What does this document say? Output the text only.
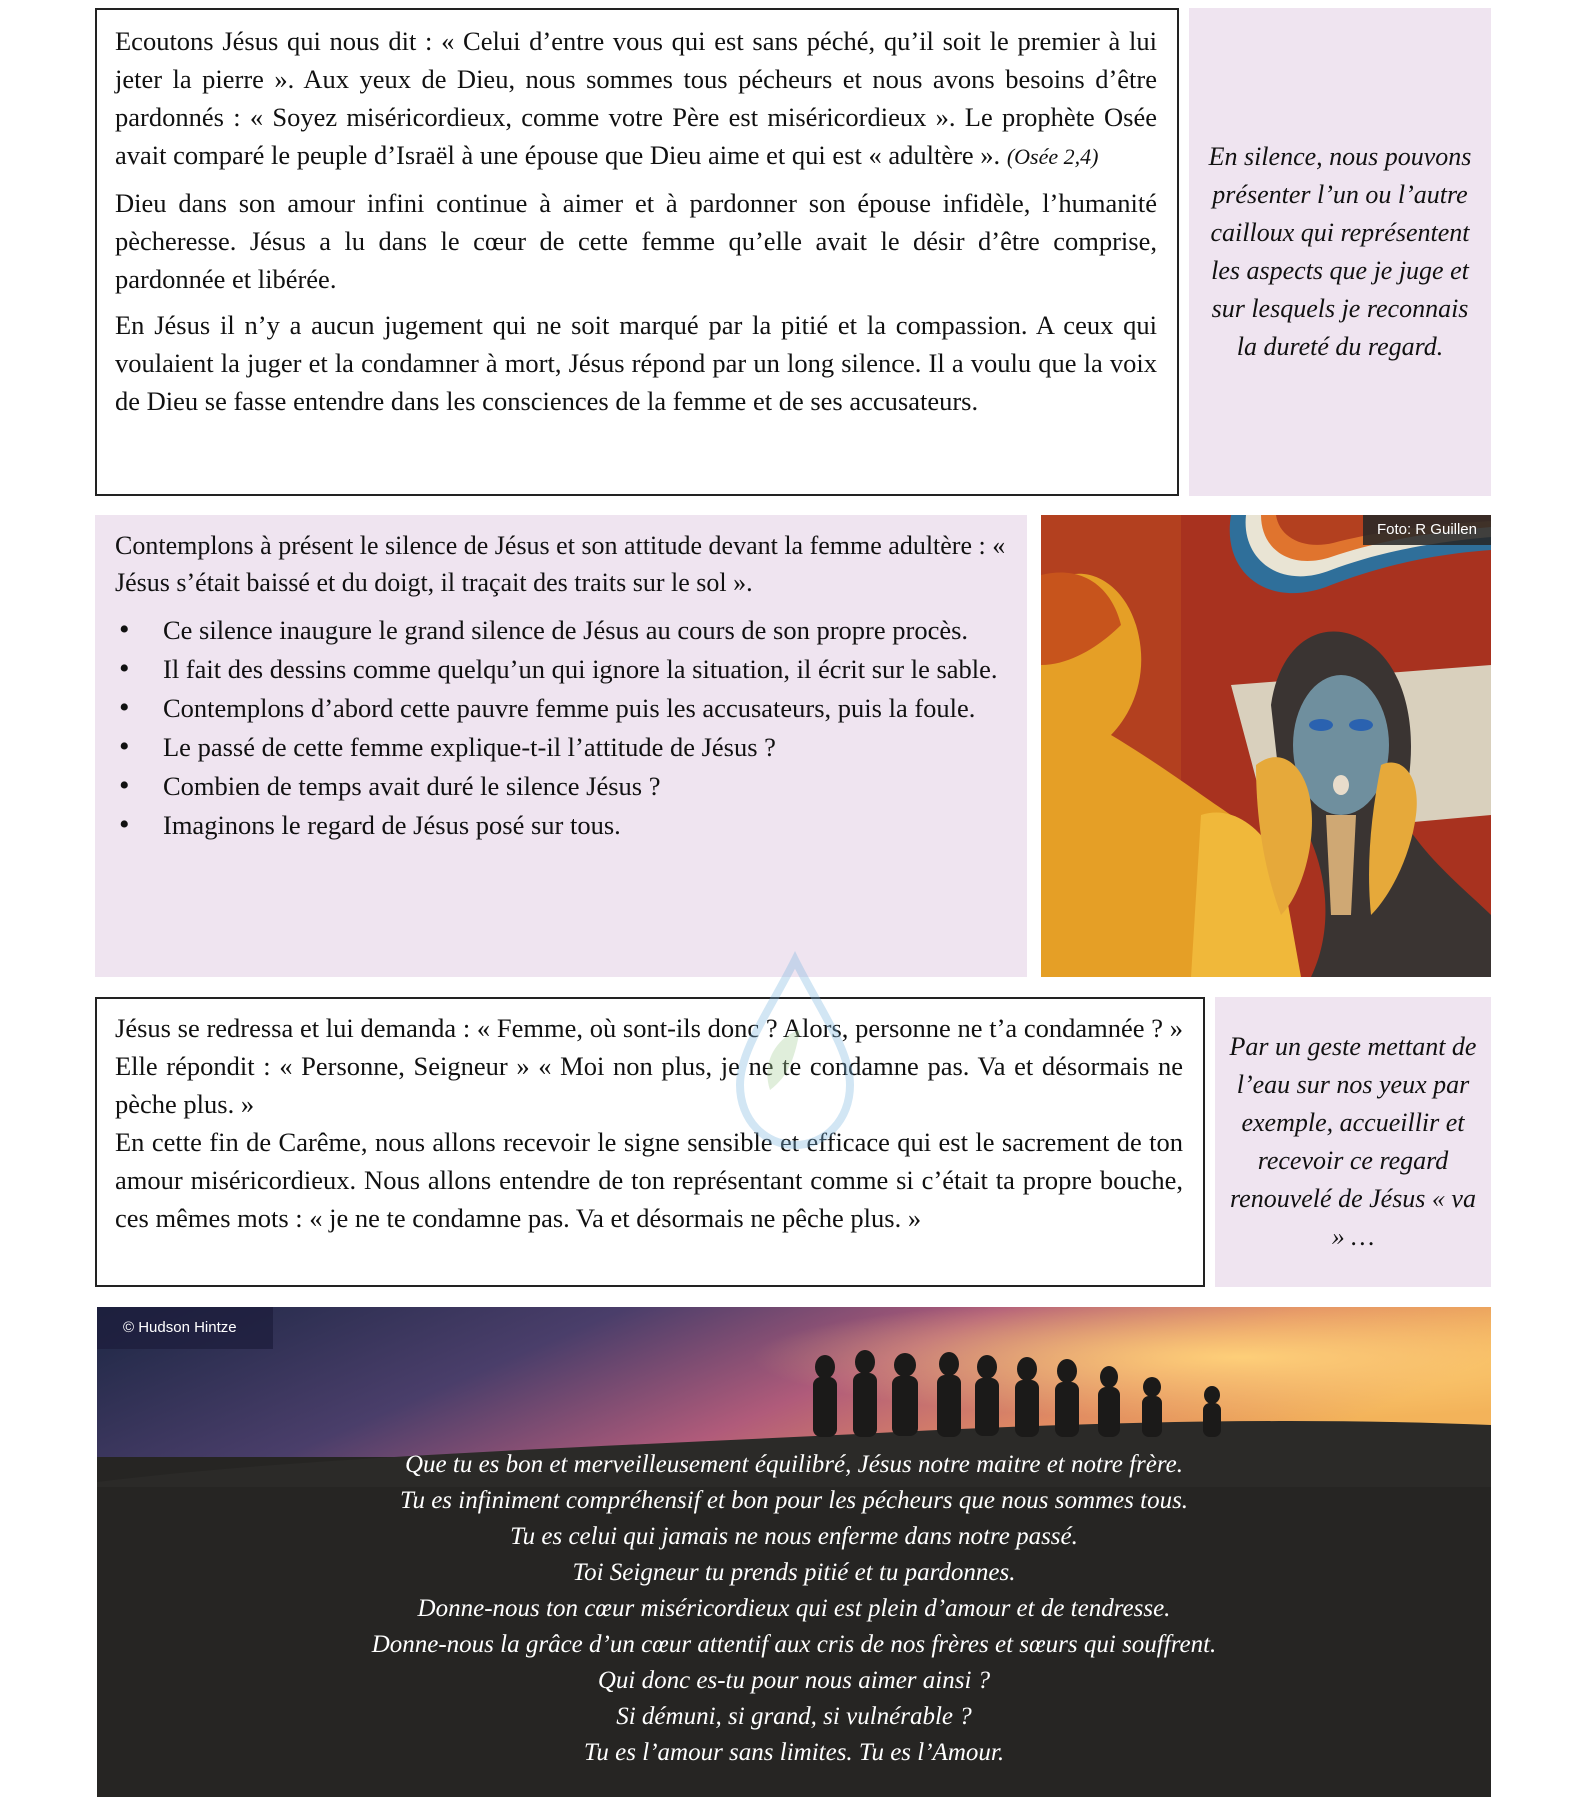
Ecoutons Jésus qui nous dit : « Celui d’entre vous qui est sans péché, qu’il soit le premier à lui jeter la pierre ». Aux yeux de Dieu, nous sommes tous pécheurs et nous avons besoins d’être pardonnés : « Soyez miséricordieux, comme votre Père est miséricordieux ». Le prophète Osée avait comparé le peuple d’Israël à une épouse que Dieu aime et qui est « adultère ». (Osée 2,4)

Dieu dans son amour infini continue à aimer et à pardonner son épouse infidèle, l’humanité pècheresse. Jésus a lu dans le cœur de cette femme qu’elle avait le désir d’être comprise, pardonnée et libérée.

En Jésus il n’y a aucun jugement qui ne soit marqué par la pitié et la compassion. A ceux qui voulaient la juger et la condamner à mort, Jésus répond par un long silence. Il a voulu que la voix de Dieu se fasse entendre dans les consciences de la femme et de ses accusateurs.

En silence, nous pouvons présenter l’un ou l’autre cailloux qui représentent les aspects que je juge et sur lesquels je reconnais la dureté du regard.

Contemplons à présent le silence de Jésus et son attitude devant la femme adultère : « Jésus s’était baissé et du doigt, il traçait des traits sur le sol ».

• Ce silence inaugure le grand silence de Jésus au cours de son propre procès.
• Il fait des dessins comme quelqu’un qui ignore la situation, il écrit sur le sable.
• Contemplons d’abord cette pauvre femme puis les accusateurs, puis la foule.
• Le passé de cette femme explique-t-il l’attitude de Jésus ?
• Combien de temps avait duré le silence Jésus ?
• Imaginons le regard de Jésus posé sur tous.
Foto: R Guillen

Jésus se redressa et lui demanda : « Femme, où sont-ils donc ? Alors, personne ne t’a condamnée ? » Elle répondit : « Personne, Seigneur » « Moi non plus, je ne te condamne pas. Va et désormais ne pèche plus. »

En cette fin de Carême, nous allons recevoir le signe sensible et efficace qui est le sacrement de ton amour miséricordieux. Nous allons entendre de ton représentant comme si c’était ta propre bouche, ces mêmes mots : « je ne te condamne pas. Va et désormais ne pêche plus. »

Par un geste mettant de l’eau sur nos yeux par exemple, accueillir et recevoir ce regard renouvelé de Jésus « va » …

© Hudson Hintze
Que tu es bon et merveilleusement équilibré, Jésus notre maitre et notre frère.
Tu es infiniment compréhensif et bon pour les pécheurs que nous sommes tous.
Tu es celui qui jamais ne nous enferme dans notre passé.
Toi Seigneur tu prends pitié et tu pardonnes.
Donne-nous ton cœur miséricordieux qui est plein d’amour et de tendresse.
Donne-nous la grâce d’un cœur attentif aux cris de nos frères et sœurs qui souffrent.
Qui donc es-tu pour nous aimer ainsi ?
Si démuni, si grand, si vulnérable ?
Tu es l’amour sans limites. Tu es l’Amour.
